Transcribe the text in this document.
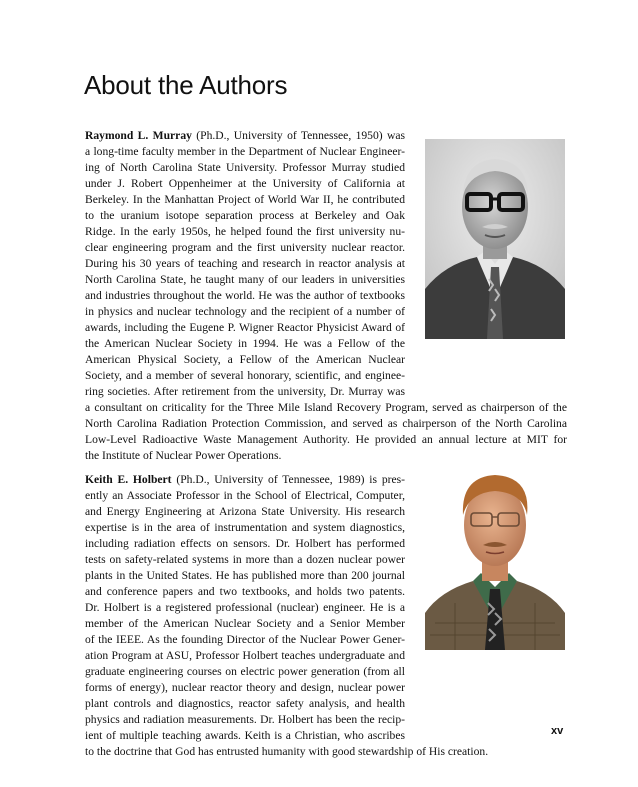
About the Authors
Raymond L. Murray (Ph.D., University of Tennessee, 1950) was
a long-time faculty member in the Department of Nuclear Engineer-
ing of North Carolina State University. Professor Murray studied
under J. Robert Oppenheimer at the University of California at
Berkeley. In the Manhattan Project of World War II, he contributed
to the uranium isotope separation process at Berkeley and Oak
Ridge. In the early 1950s, he helped found the first university nu-
clear engineering program and the first university nuclear reactor.
During his 30 years of teaching and research in reactor analysis at
North Carolina State, he taught many of our leaders in universities
and industries throughout the world. He was the author of textbooks
in physics and nuclear technology and the recipient of a number of
awards, including the Eugene P. Wigner Reactor Physicist Award of
the American Nuclear Society in 1994. He was a Fellow of the
American Physical Society, a Fellow of the American Nuclear
Society, and a member of several honorary, scientific, and enginee-
ring societies. After retirement from the university, Dr. Murray was
a consultant on criticality for the Three Mile Island Recovery Program, served as chairperson of the
North Carolina Radiation Protection Commission, and served as chairperson of the North Carolina
Low-Level Radioactive Waste Management Authority. He provided an annual lecture at MIT for
the Institute of Nuclear Power Operations.
Keith E. Holbert (Ph.D., University of Tennessee, 1989) is pres-
ently an Associate Professor in the School of Electrical, Computer,
and Energy Engineering at Arizona State University. His research
expertise is in the area of instrumentation and system diagnostics,
including radiation effects on sensors. Dr. Holbert has performed
tests on safety-related systems in more than a dozen nuclear power
plants in the United States. He has published more than 200 journal
and conference papers and two textbooks, and holds two patents.
Dr. Holbert is a registered professional (nuclear) engineer. He is a
member of the American Nuclear Society and a Senior Member
of the IEEE. As the founding Director of the Nuclear Power Gener-
ation Program at ASU, Professor Holbert teaches undergraduate and
graduate engineering courses on electric power generation (from all
forms of energy), nuclear reactor theory and design, nuclear power
plant controls and diagnostics, reactor safety analysis, and health
physics and radiation measurements. Dr. Holbert has been the recip-
ient of multiple teaching awards. Keith is a Christian, who ascribes
to the doctrine that God has entrusted humanity with good stewardship of His creation.
xv
